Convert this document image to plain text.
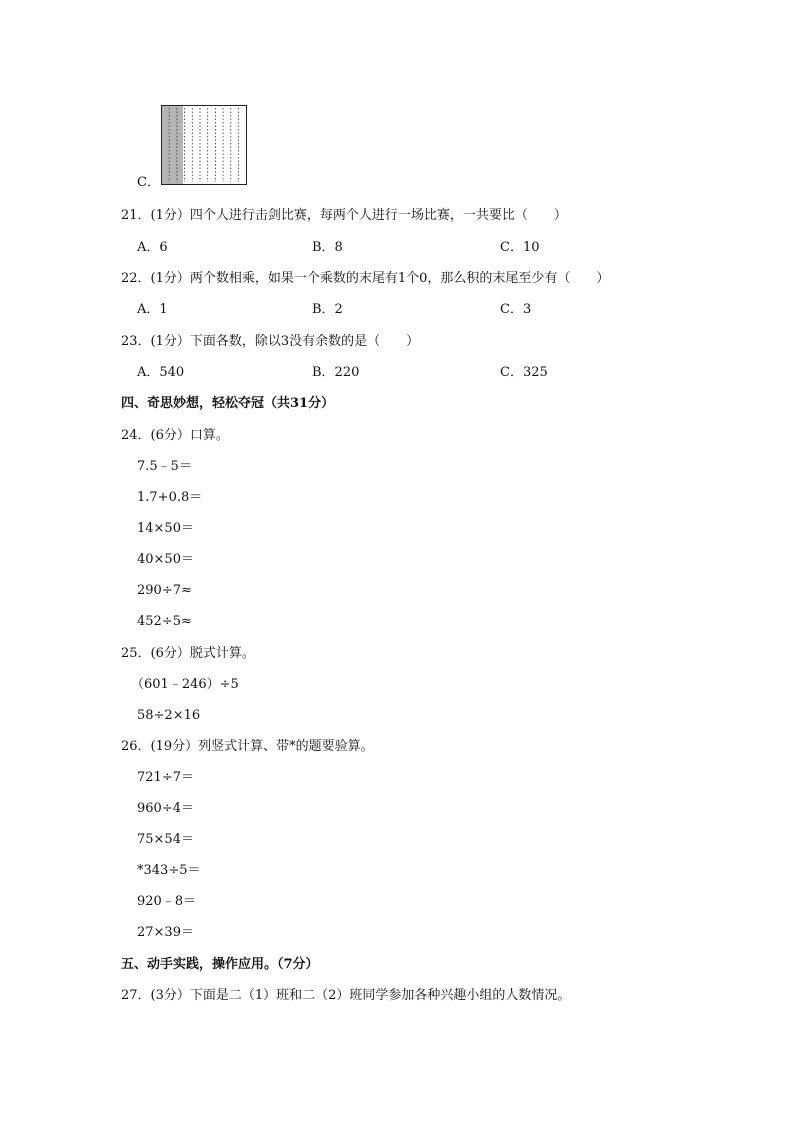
C．
21．(1分）四个人进行击剑比赛，每两个人进行一场比赛，一共要比（　　）
A．6	B．8	C．10
22．(1分）两个数相乘，如果一个乘数的末尾有1个0，那么积的末尾至少有（　　）
A．1	B．2	C．3
23．(1分）下面各数，除以3没有余数的是（　　）
A．540	B．220	C．325
四、奇思妙想，轻松夺冠（共31分）
24．(6分）口算。
7.5﹣5＝
1.7+0.8＝
14×50＝
40×50＝
290÷7≈
452÷5≈
25．(6分）脱式计算。
（601﹣246）÷5
58÷2×16
26．(19分）列竖式计算、带*的题要验算。
721÷7＝
960÷4＝
75×54＝
*343÷5＝
920﹣8＝
27×39＝
五、动手实践，操作应用。（7分）
27．(3分）下面是二（1）班和二（2）班同学参加各种兴趣小组的人数情况。
